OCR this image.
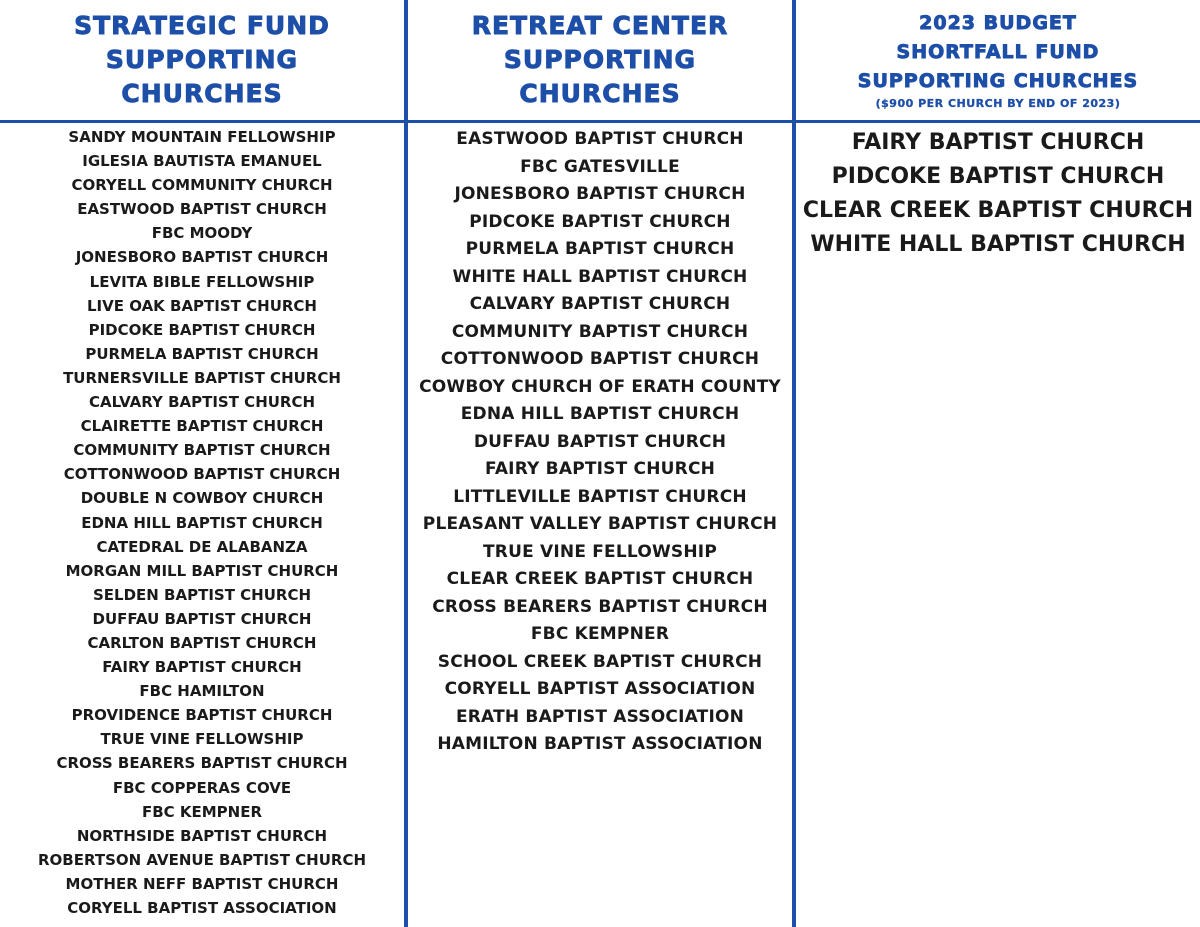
STRATEGIC FUND
SUPPORTING
CHURCHES
SANDY MOUNTAIN FELLOWSHIP
IGLESIA BAUTISTA EMANUEL
CORYELL COMMUNITY CHURCH
EASTWOOD BAPTIST CHURCH
FBC MOODY
JONESBORO BAPTIST CHURCH
LEVITA BIBLE FELLOWSHIP
LIVE OAK BAPTIST CHURCH
PIDCOKE BAPTIST CHURCH
PURMELA BAPTIST CHURCH
TURNERSVILLE BAPTIST CHURCH
CALVARY BAPTIST CHURCH
CLAIRETTE BAPTIST CHURCH
COMMUNITY BAPTIST CHURCH
COTTONWOOD BAPTIST CHURCH
DOUBLE N COWBOY CHURCH
EDNA HILL BAPTIST CHURCH
CATEDRAL DE ALABANZA
MORGAN MILL BAPTIST CHURCH
SELDEN BAPTIST CHURCH
DUFFAU BAPTIST CHURCH
CARLTON BAPTIST CHURCH
FAIRY BAPTIST CHURCH
FBC HAMILTON
PROVIDENCE BAPTIST CHURCH
TRUE VINE FELLOWSHIP
CROSS BEARERS BAPTIST CHURCH
FBC COPPERAS COVE
FBC KEMPNER
NORTHSIDE BAPTIST CHURCH
ROBERTSON AVENUE BAPTIST CHURCH
MOTHER NEFF BAPTIST CHURCH
CORYELL BAPTIST ASSOCIATION
RETREAT CENTER
SUPPORTING
CHURCHES
EASTWOOD BAPTIST CHURCH
FBC GATESVILLE
JONESBORO BAPTIST CHURCH
PIDCOKE BAPTIST CHURCH
PURMELA BAPTIST CHURCH
WHITE HALL BAPTIST CHURCH
CALVARY BAPTIST CHURCH
COMMUNITY BAPTIST CHURCH
COTTONWOOD BAPTIST CHURCH
COWBOY CHURCH OF ERATH COUNTY
EDNA HILL BAPTIST CHURCH
DUFFAU BAPTIST CHURCH
FAIRY BAPTIST CHURCH
LITTLEVILLE BAPTIST CHURCH
PLEASANT VALLEY BAPTIST CHURCH
TRUE VINE FELLOWSHIP
CLEAR CREEK BAPTIST CHURCH
CROSS BEARERS BAPTIST CHURCH
FBC KEMPNER
SCHOOL CREEK BAPTIST CHURCH
CORYELL BAPTIST ASSOCIATION
ERATH BAPTIST ASSOCIATION
HAMILTON BAPTIST ASSOCIATION
2023 BUDGET
SHORTFALL FUND
SUPPORTING CHURCHES
($900 PER CHURCH BY END OF 2023)
FAIRY BAPTIST CHURCH
PIDCOKE BAPTIST CHURCH
CLEAR CREEK BAPTIST CHURCH
WHITE HALL BAPTIST CHURCH
